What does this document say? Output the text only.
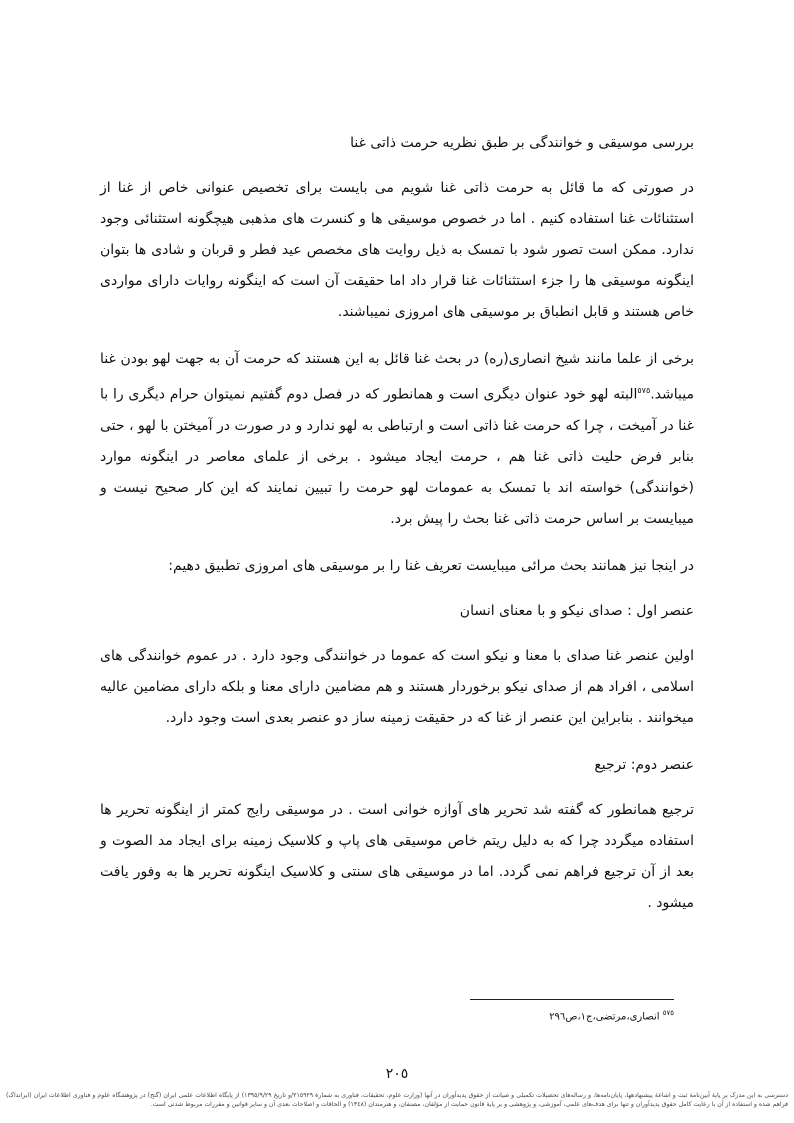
بررسی موسیقی و خوانندگی بر طبق نظریه حرمت ذاتی غنا

در صورتی که ما قائل به حرمت ذاتی غنا شویم می بایست برای تخصیص عنوانی خاص از غنا از استثنائات غنا استفاده کنیم . اما در خصوص موسیقی ها و کنسرت های مذهبی هیچگونه استثنائی وجود ندارد. ممکن است تصور شود با تمسک به ذیل روایت های مخصص عید فطر و قربان و شادی ها بتوان اینگونه موسیقی ها را جزء استثنائات غنا قرار داد اما حقیقت آن است که اینگونه روایات دارای مواردی خاص هستند و قابل انطباق بر موسیقی های امروزی نمیباشند.

برخی از علما مانند شیخ انصاری(ره) در بحث غنا قائل به این هستند که حرمت آن به جهت لهو بودن غنا میباشد.$^{٥٧٥}$البته لهو خود عنوان دیگری است و همانطور که در فصل دوم گفتیم نمیتوان حرام دیگری را با غنا در آمیخت ، چرا که حرمت غنا ذاتی است و ارتباطی به لهو ندارد و در صورت در آمیختن با لهو ، حتی بنابر فرض حلیت ذاتی غنا هم ، حرمت ایجاد میشود . برخی از علمای معاصر در اینگونه موارد (خوانندگی) خواسته اند با تمسک به عمومات لهو حرمت را تبیین نمایند که این کار صحیح نیست و میبایست بر اساس حرمت ذاتی غنا بحث را پیش برد.

در اینجا نیز همانند بحث مرائی میبایست تعریف غنا را بر موسیقی های امروزی تطبیق دهیم:

عنصر اول : صدای نیکو و با معنای انسان

اولین عنصر غنا صدای با معنا و نیکو است که عموما در خوانندگی وجود دارد . در عموم خوانندگی های اسلامی ، افراد هم از صدای نیکو برخوردار هستند و هم مضامین دارای معنا و بلکه دارای مضامین عالیه میخوانند . بنابراین این عنصر از غنا که در حقیقت زمینه ساز دو عنصر بعدی است وجود دارد.

عنصر دوم: ترجیع

ترجیع همانطور که گفته شد تحریر های آوازه خوانی است . در موسیقی رایج کمتر از اینگونه تحریر ها استفاده میگردد چرا که به دلیل ریتم خاص موسیقی های پاپ و کلاسیک زمینه برای ایجاد مد الصوت و بعد از آن ترجیع فراهم نمی گردد. اما در موسیقی های سنتی و کلاسیک اینگونه تحریر ها به وفور یافت میشود .

$^{٥٧٥}$ انصاری،مرتضی،ج١،ص٢٩٦
٢٠٥
دسترسی به این مدرک بر پایهٔ آیین‌نامهٔ ثبت و اشاعهٔ پیشنهادهها، پایان‌نامه‌ها، و رساله‌های تحصیلات تکمیلی و صیانت از حقوق پدیدآوران در آنها (وزارت علوم، تحقیقات، فناوری به شمارهٔ ٢١٥٩٢٩/و تاریخ ١٣٩٥/٩/٢٩) از پایگاه اطلاعات علمی ایران (گنج) در پژوهشگاه علوم و فناوری اطلاعات ایران (ایرانداک) فراهم شده و استفاده از آن با رعایت کامل حقوق پدیدآوران و تنها برای هدف‌های علمی، آموزشی، و پژوهشی و بر پایهٔ قانون حمایت از مؤلفان، مصنفان، و هنرمندان (١٣٤٨) و الحاقات و اصلاحات بعدی آن و سایر قوانین و مقررات مربوط شدنی است.
